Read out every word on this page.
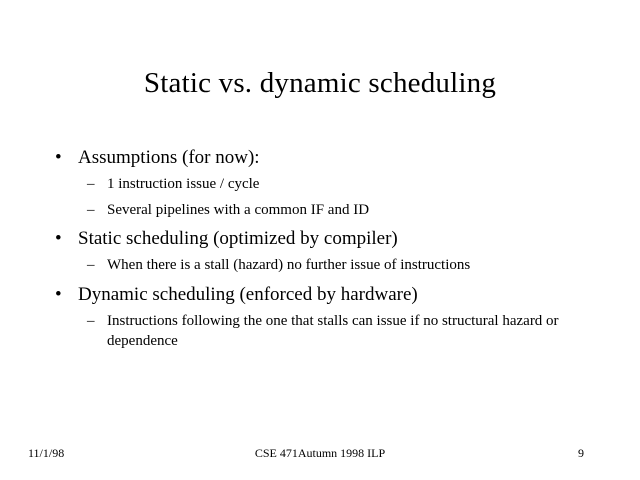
Static vs. dynamic scheduling
• Assumptions (for now):
– 1 instruction issue / cycle
– Several pipelines with a common IF and ID
• Static scheduling (optimized by compiler)
– When there is a stall (hazard) no further issue of instructions
• Dynamic scheduling (enforced by hardware)
– Instructions following the one that stalls can issue if no structural hazard or dependence
11/1/98	CSE 471Autumn 1998 ILP	9
